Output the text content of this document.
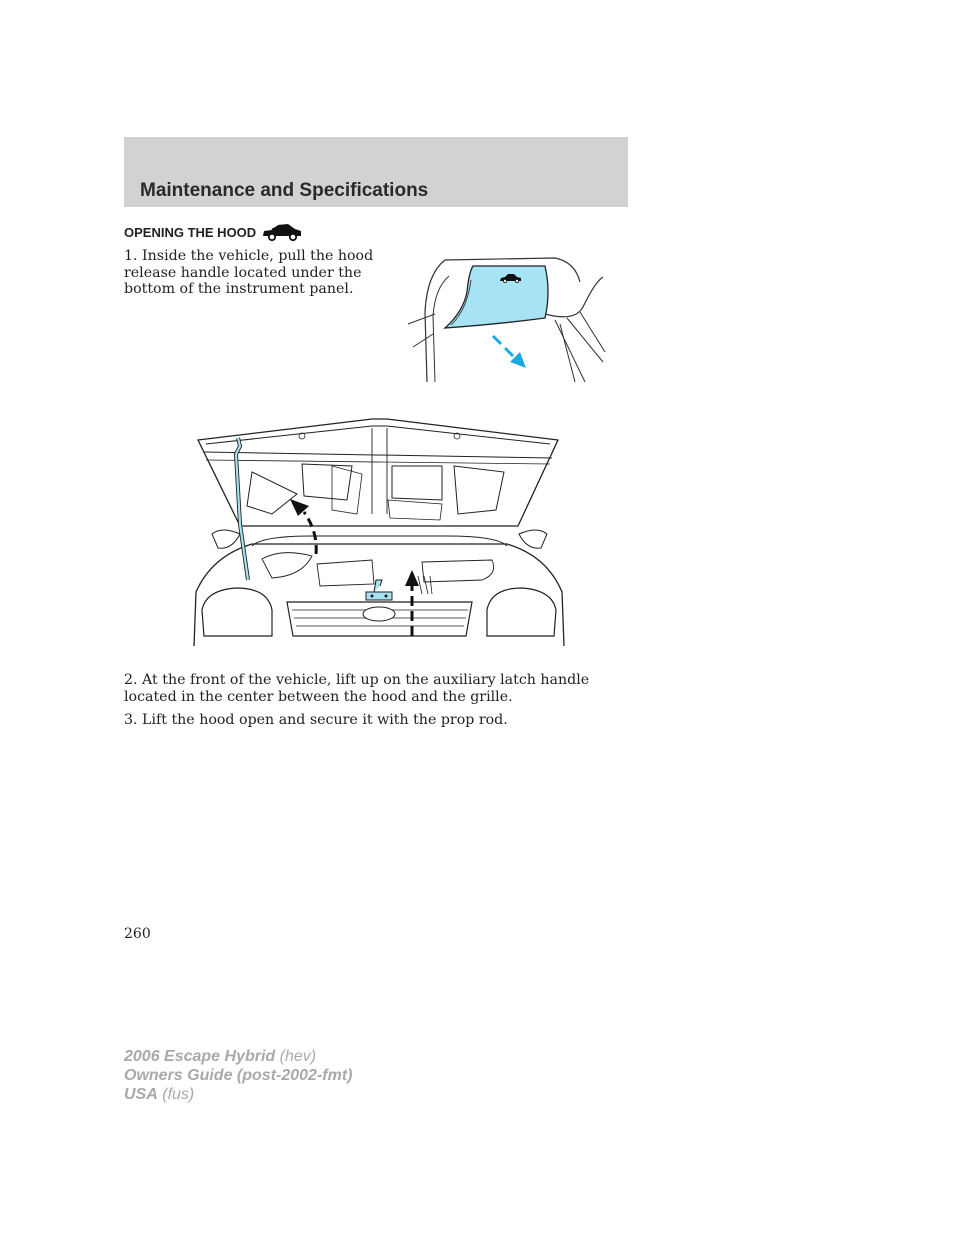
Maintenance and Specifications
OPENING THE HOOD

1. Inside the vehicle, pull the hood release handle located under the bottom of the instrument panel.

2. At the front of the vehicle, lift up on the auxiliary latch handle located in the center between the hood and the grille.

3. Lift the hood open and secure it with the prop rod.

260
2006 Escape Hybrid (hev)
Owners Guide (post-2002-fmt)
USA (fus)
